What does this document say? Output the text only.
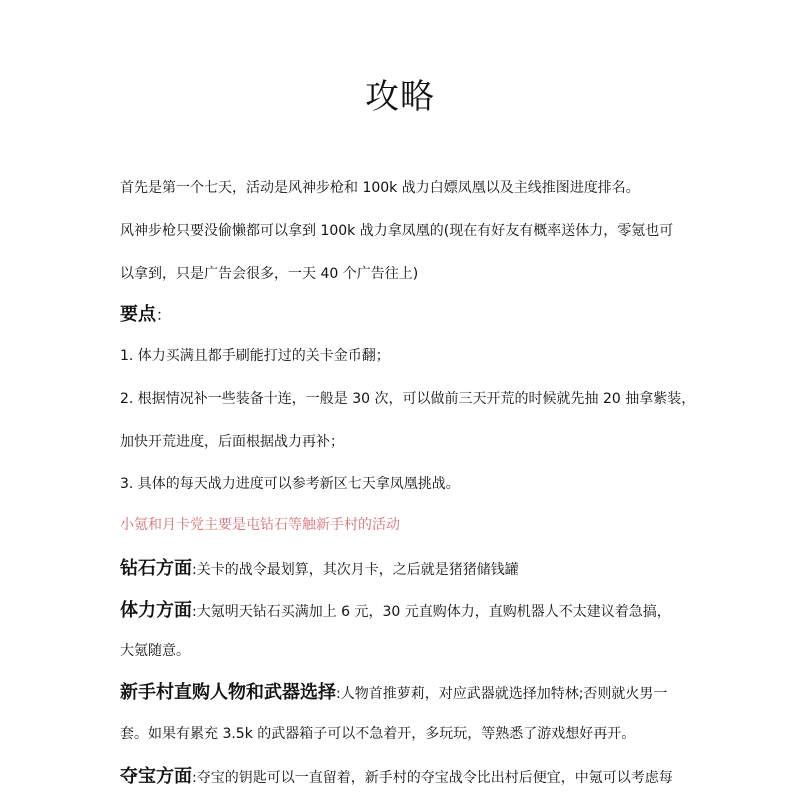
攻略
首先是第一个七天，活动是风神步枪和 100k 战力白嫖凤凰以及主线推图进度排名。
风神步枪只要没偷懒都可以拿到 100k 战力拿凤凰的(现在有好友有概率送体力，零氪也可
以拿到，只是广告会很多，一天 40 个广告往上)
要点：
1. 体力买满且都手刷能打过的关卡金币翻；
2. 根据情况补一些装备十连，一般是 30 次，可以做前三天开荒的时候就先抽 20 抽拿紫装，
加快开荒进度，后面根据战力再补；
3. 具体的每天战力进度可以参考新区七天拿凤凰挑战。
小氪和月卡党主要是屯钻石等触新手村的活动
钻石方面:关卡的战令最划算，其次月卡，之后就是猪猪储钱罐
体力方面:大氪明天钻石买满加上 6 元，30 元直购体力，直购机器人不太建议着急搞，
大氪随意。
新手村直购人物和武器选择:人物首推萝莉，对应武器就选择加特林;否则就火男一
套。如果有累充 3.5k 的武器箱子可以不急着开，多玩玩，等熟悉了游戏想好再开。
夺宝方面:夺宝的钥匙可以一直留着，新手村的夺宝战令比出村后便宜，中氪可以考虑每
